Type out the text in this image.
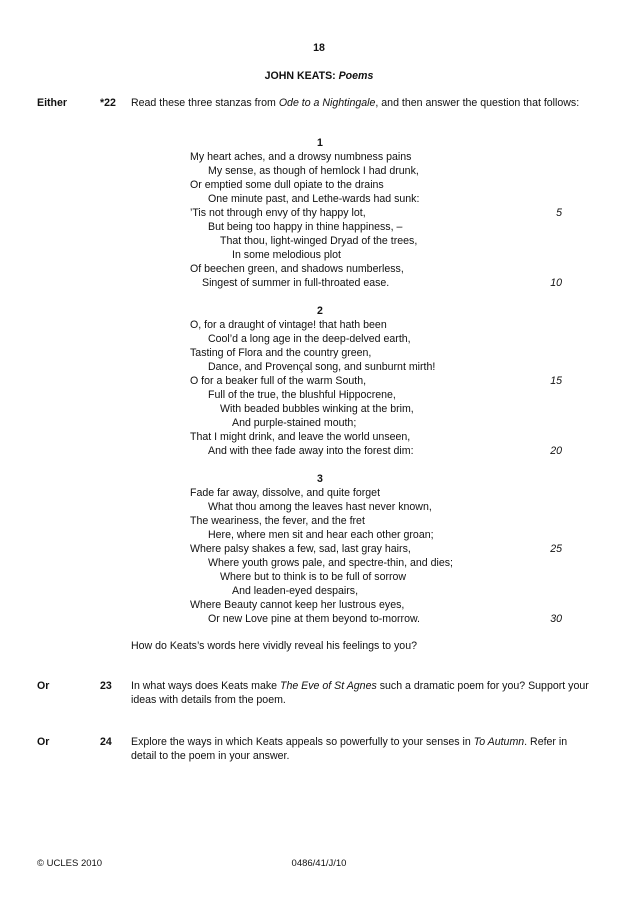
18
JOHN KEATS: Poems
Either	*22 Read these three stanzas from Ode to a Nightingale, and then answer the question that follows:
1
My heart aches, and a drowsy numbness pains
My sense, as though of hemlock I had drunk,
Or emptied some dull opiate to the drains
One minute past, and Lethe-wards had sunk:
’Tis not through envy of thy happy lot,	5
But being too happy in thine happiness, –
That thou, light-winged Dryad of the trees,
In some melodious plot
Of beechen green, and shadows numberless,
Singest of summer in full-throated ease.	10
2
O, for a draught of vintage! that hath been
Cool’d a long age in the deep-delved earth,
Tasting of Flora and the country green,
Dance, and Provençal song, and sunburnt mirth!
O for a beaker full of the warm South,	15
Full of the true, the blushful Hippocrene,
With beaded bubbles winking at the brim,
And purple-stained mouth;
That I might drink, and leave the world unseen,
And with thee fade away into the forest dim:	20
3
Fade far away, dissolve, and quite forget
What thou among the leaves hast never known,
The weariness, the fever, and the fret
Here, where men sit and hear each other groan;
Where palsy shakes a few, sad, last gray hairs,	25
Where youth grows pale, and spectre-thin, and dies;
Where but to think is to be full of sorrow
And leaden-eyed despairs,
Where Beauty cannot keep her lustrous eyes,
Or new Love pine at them beyond to-morrow.	30
How do Keats’s words here vividly reveal his feelings to you?
Or	23 In what ways does Keats make The Eve of St Agnes such a dramatic poem for you? Support your ideas with details from the poem.
Or	24 Explore the ways in which Keats appeals so powerfully to your senses in To Autumn. Refer in detail to the poem in your answer.
© UCLES 2010	0486/41/J/10
